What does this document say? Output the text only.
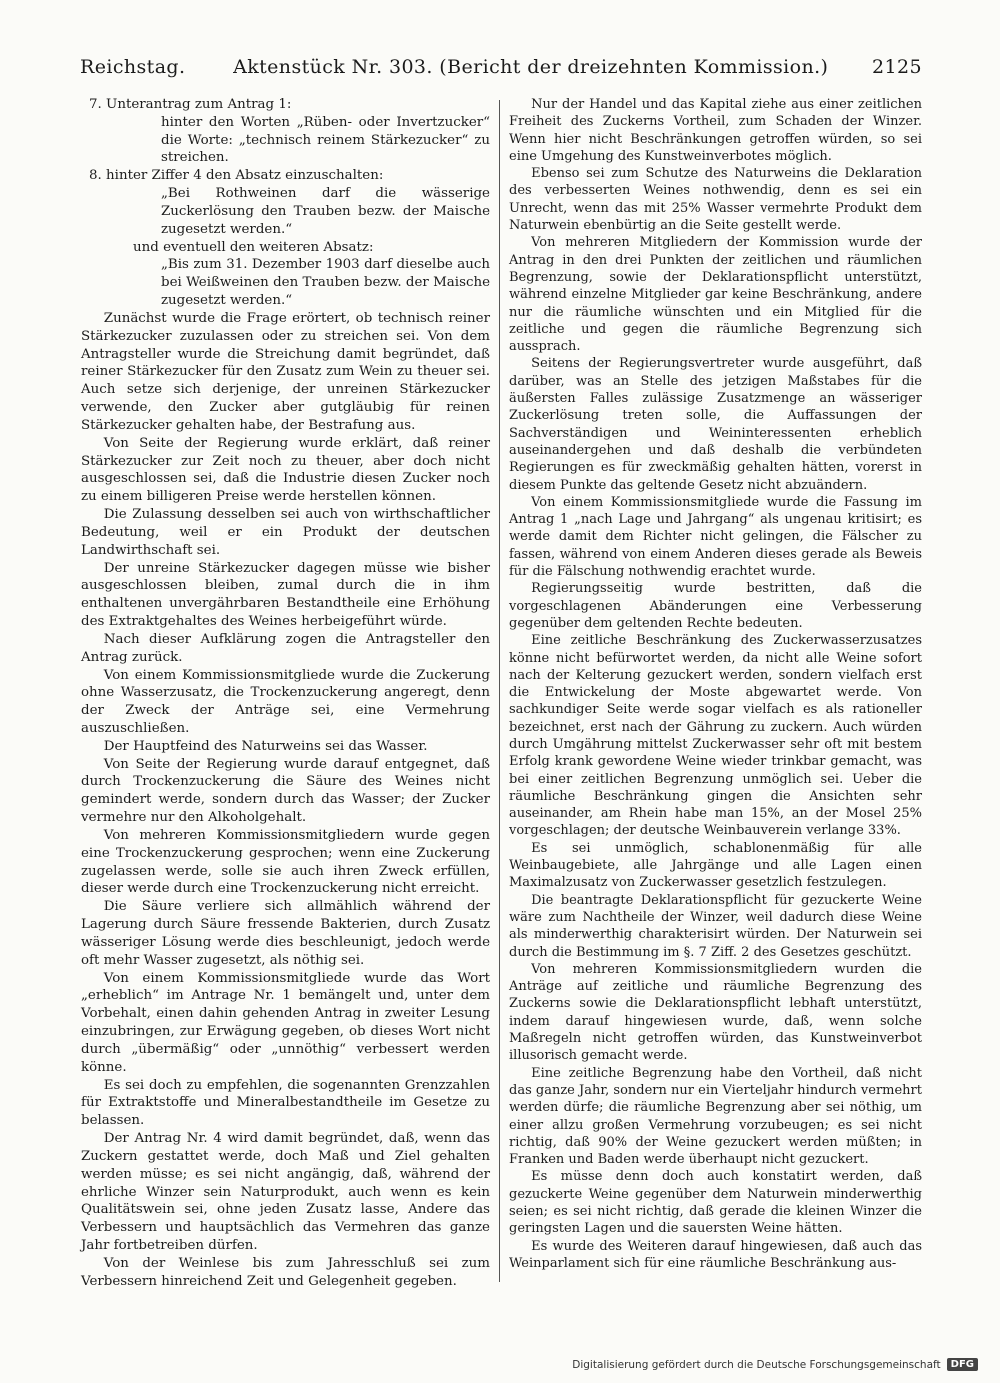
Reichstag.	Aktenstück Nr. 303. (Bericht der dreizehnten Kommission.)	2125

7. Unterantrag zum Antrag 1:

hinter den Worten „Rüben- oder Invertzucker“ die Worte: „technisch reinem Stärkezucker“ zu streichen.

8. hinter Ziffer 4 den Absatz einzuschalten:

„Bei Rothweinen darf die wässerige Zuckerlösung den Trauben bezw. der Maische zugesetzt werden.“

und eventuell den weiteren Absatz:

„Bis zum 31. Dezember 1903 darf dieselbe auch bei Weißweinen den Trauben bezw. der Maische zugesetzt werden.“

Zunächst wurde die Frage erörtert, ob technisch reiner Stärkezucker zuzulassen oder zu streichen sei. Von dem Antragsteller wurde die Streichung damit begründet, daß reiner Stärkezucker für den Zusatz zum Wein zu theuer sei. Auch setze sich derjenige, der unreinen Stärkezucker verwende, den Zucker aber gutgläubig für reinen Stärkezucker gehalten habe, der Bestrafung aus.

Von Seite der Regierung wurde erklärt, daß reiner Stärkezucker zur Zeit noch zu theuer, aber doch nicht ausgeschlossen sei, daß die Industrie diesen Zucker noch zu einem billigeren Preise werde herstellen können.

Die Zulassung desselben sei auch von wirthschaftlicher Bedeutung, weil er ein Produkt der deutschen Landwirthschaft sei.

Der unreine Stärkezucker dagegen müsse wie bisher ausgeschlossen bleiben, zumal durch die in ihm enthaltenen unvergährbaren Bestandtheile eine Erhöhung des Extraktgehaltes des Weines herbeigeführt würde.

Nach dieser Aufklärung zogen die Antragsteller den Antrag zurück.

Von einem Kommissionsmitgliede wurde die Zuckerung ohne Wasserzusatz, die Trockenzuckerung angeregt, denn der Zweck der Anträge sei, eine Vermehrung auszuschließen.

Der Hauptfeind des Naturweins sei das Wasser.

Von Seite der Regierung wurde darauf entgegnet, daß durch Trockenzuckerung die Säure des Weines nicht gemindert werde, sondern durch das Wasser; der Zucker vermehre nur den Alkoholgehalt.

Von mehreren Kommissionsmitgliedern wurde gegen eine Trockenzuckerung gesprochen; wenn eine Zuckerung zugelassen werde, solle sie auch ihren Zweck erfüllen, dieser werde durch eine Trockenzuckerung nicht erreicht.

Die Säure verliere sich allmählich während der Lagerung durch Säure fressende Bakterien, durch Zusatz wässeriger Lösung werde dies beschleunigt, jedoch werde oft mehr Wasser zugesetzt, als nöthig sei.

Von einem Kommissionsmitgliede wurde das Wort „erheblich“ im Antrage Nr. 1 bemängelt und, unter dem Vorbehalt, einen dahin gehenden Antrag in zweiter Lesung einzubringen, zur Erwägung gegeben, ob dieses Wort nicht durch „übermäßig“ oder „unnöthig“ verbessert werden könne.

Es sei doch zu empfehlen, die sogenannten Grenzzahlen für Extraktstoffe und Mineralbestandtheile im Gesetze zu belassen.

Der Antrag Nr. 4 wird damit begründet, daß, wenn das Zuckern gestattet werde, doch Maß und Ziel gehalten werden müsse; es sei nicht angängig, daß, während der ehrliche Winzer sein Naturprodukt, auch wenn es kein Qualitätswein sei, ohne jeden Zusatz lasse, Andere das Verbessern und hauptsächlich das Vermehren das ganze Jahr fortbetreiben dürfen.

Von der Weinlese bis zum Jahresschluß sei zum Verbessern hinreichend Zeit und Gelegenheit gegeben.

Nur der Handel und das Kapital ziehe aus einer zeitlichen Freiheit des Zuckerns Vortheil, zum Schaden der Winzer. Wenn hier nicht Beschränkungen getroffen würden, so sei eine Umgehung des Kunstweinverbotes möglich.

Ebenso sei zum Schutze des Naturweins die Deklaration des verbesserten Weines nothwendig, denn es sei ein Unrecht, wenn das mit 25% Wasser vermehrte Produkt dem Naturwein ebenbürtig an die Seite gestellt werde.

Von mehreren Mitgliedern der Kommission wurde der Antrag in den drei Punkten der zeitlichen und räumlichen Begrenzung, sowie der Deklarationspflicht unterstützt, während einzelne Mitglieder gar keine Beschränkung, andere nur die räumliche wünschten und ein Mitglied für die zeitliche und gegen die räumliche Begrenzung sich aussprach.

Seitens der Regierungsvertreter wurde ausgeführt, daß darüber, was an Stelle des jetzigen Maßstabes für die äußersten Falles zulässige Zusatzmenge an wässeriger Zuckerlösung treten solle, die Auffassungen der Sachverständigen und Weininteressenten erheblich auseinandergehen und daß deshalb die verbündeten Regierungen es für zweckmäßig gehalten hätten, vorerst in diesem Punkte das geltende Gesetz nicht abzuändern.

Von einem Kommissionsmitgliede wurde die Fassung im Antrag 1 „nach Lage und Jahrgang“ als ungenau kritisirt; es werde damit dem Richter nicht gelingen, die Fälscher zu fassen, während von einem Anderen dieses gerade als Beweis für die Fälschung nothwendig erachtet wurde.

Regierungsseitig wurde bestritten, daß die vorgeschlagenen Abänderungen eine Verbesserung gegenüber dem geltenden Rechte bedeuten.

Eine zeitliche Beschränkung des Zuckerwasserzusatzes könne nicht befürwortet werden, da nicht alle Weine sofort nach der Kelterung gezuckert werden, sondern vielfach erst die Entwickelung der Moste abgewartet werde. Von sachkundiger Seite werde sogar vielfach es als rationeller bezeichnet, erst nach der Gährung zu zuckern. Auch würden durch Umgährung mittelst Zuckerwasser sehr oft mit bestem Erfolg krank gewordene Weine wieder trinkbar gemacht, was bei einer zeitlichen Begrenzung unmöglich sei. Ueber die räumliche Beschränkung gingen die Ansichten sehr auseinander, am Rhein habe man 15%, an der Mosel 25% vorgeschlagen; der deutsche Weinbauverein verlange 33%.

Es sei unmöglich, schablonenmäßig für alle Weinbaugebiete, alle Jahrgänge und alle Lagen einen Maximalzusatz von Zuckerwasser gesetzlich festzulegen.

Die beantragte Deklarationspflicht für gezuckerte Weine wäre zum Nachtheile der Winzer, weil dadurch diese Weine als minderwerthig charakterisirt würden. Der Naturwein sei durch die Bestimmung im §. 7 Ziff. 2 des Gesetzes geschützt.

Von mehreren Kommissionsmitgliedern wurden die Anträge auf zeitliche und räumliche Begrenzung des Zuckerns sowie die Deklarationspflicht lebhaft unterstützt, indem darauf hingewiesen wurde, daß, wenn solche Maßregeln nicht getroffen würden, das Kunstweinverbot illusorisch gemacht werde.

Eine zeitliche Begrenzung habe den Vortheil, daß nicht das ganze Jahr, sondern nur ein Vierteljahr hindurch vermehrt werden dürfe; die räumliche Begrenzung aber sei nöthig, um einer allzu großen Vermehrung vorzubeugen; es sei nicht richtig, daß 90% der Weine gezuckert werden müßten; in Franken und Baden werde überhaupt nicht gezuckert.

Es müsse denn doch auch konstatirt werden, daß gezuckerte Weine gegenüber dem Naturwein minderwerthig seien; es sei nicht richtig, daß gerade die kleinen Winzer die geringsten Lagen und die sauersten Weine hätten.

Es wurde des Weiteren darauf hingewiesen, daß auch das Weinparlament sich für eine räumliche Beschränkung aus-

Digitalisierung gefördert durch die Deutsche Forschungsgemeinschaft	DFG
